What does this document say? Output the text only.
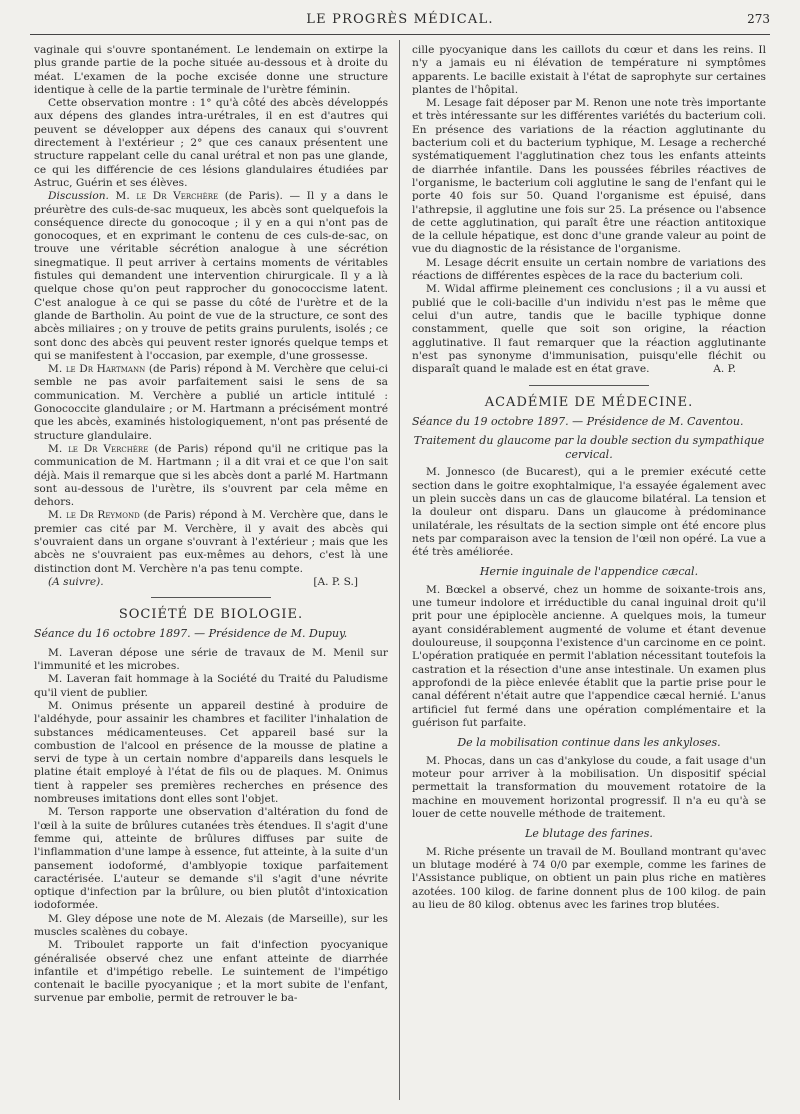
LE PROGRÈS MÉDICAL.	273

vaginale qui s'ouvre spontanément. Le lendemain on extirpe la plus grande partie de la poche située au-dessous et à droite du méat. L'examen de la poche excisée donne une structure identique à celle de la partie terminale de l'urètre féminin.

Cette observation montre : 1° qu'à côté des abcès développés aux dépens des glandes intra-urétrales, il en est d'autres qui peuvent se développer aux dépens des canaux qui s'ouvrent directement à l'extérieur ; 2° que ces canaux présentent une structure rappelant celle du canal urétral et non pas une glande, ce qui les différencie de ces lésions glandulaires étudiées par Astruc, Guérin et ses élèves.

Discussion. M. le Dr Verchère (de Paris). — Il y a dans le préurètre des culs-de-sac muqueux, les abcès sont quelquefois la conséquence directe du gonocoque ; il y en a qui n'ont pas de gonocoques, et en exprimant le contenu de ces culs-de-sac, on trouve une véritable sécrétion analogue à une sécrétion sinegmatique. Il peut arriver à certains moments de véritables fistules qui demandent une intervention chirurgicale. Il y a là quelque chose qu'on peut rapprocher du gonococcisme latent. C'est analogue à ce qui se passe du côté de l'urètre et de la glande de Bartholin. Au point de vue de la structure, ce sont des abcès miliaires ; on y trouve de petits grains purulents, isolés ; ce sont donc des abcès qui peuvent rester ignorés quelque temps et qui se manifestent à l'occasion, par exemple, d'une grossesse.

M. le Dr Hartmann (de Paris) répond à M. Verchère que celui-ci semble ne pas avoir parfaitement saisi le sens de sa communication. M. Verchère a publié un article intitulé : Gonococcite glandulaire ; or M. Hartmann a précisément montré que les abcès, examinés histologiquement, n'ont pas présenté de structure glandulaire.

M. le Dr Verchère (de Paris) répond qu'il ne critique pas la communication de M. Hartmann ; il a dit vrai et ce que l'on sait déjà. Mais il remarque que si les abcès dont a parlé M. Hartmann sont au-dessous de l'urètre, ils s'ouvrent par cela même en dehors.

M. le Dr Reymond (de Paris) répond à M. Verchère que, dans le premier cas cité par M. Verchère, il y avait des abcès qui s'ouvraient dans un organe s'ouvrant à l'extérieur ; mais que les abcès ne s'ouvraient pas eux-mêmes au dehors, c'est là une distinction dont M. Verchère n'a pas tenu compte.

(A suivre).	[A. P. S.]
SOCIÉTÉ DE BIOLOGIE.
Séance du 16 octobre 1897. — Présidence de M. Dupuy.

M. Laveran dépose une série de travaux de M. Menil sur l'immunité et les microbes.

M. Laveran fait hommage à la Société du Traité du Paludisme qu'il vient de publier.

M. Onimus présente un appareil destiné à produire de l'aldéhyde, pour assainir les chambres et faciliter l'inhalation de substances médicamenteuses. Cet appareil basé sur la combustion de l'alcool en présence de la mousse de platine a servi de type à un certain nombre d'appareils dans lesquels le platine était employé à l'état de fils ou de plaques. M. Onimus tient à rappeler ses premières recherches en présence des nombreuses imitations dont elles sont l'objet.

M. Terson rapporte une observation d'altération du fond de l'œil à la suite de brûlures cutanées très étendues. Il s'agit d'une femme qui, atteinte de brûlures diffuses par suite de l'inflammation d'une lampe à essence, fut atteinte, à la suite d'un pansement iodoformé, d'amblyopie toxique parfaitement caractérisée. L'auteur se demande s'il s'agit d'une névrite optique d'infection par la brûlure, ou bien plutôt d'intoxication iodoformée.

M. Gley dépose une note de M. Alezais (de Marseille), sur les muscles scalènes du cobaye.

M. Triboulet rapporte un fait d'infection pyocyanique généralisée observé chez une enfant atteinte de diarrhée infantile et d'impétigo rebelle. Le suintement de l'impétigo contenait le bacille pyocyanique ; et la mort subite de l'enfant, survenue par embolie, permit de retrouver le ba-

cille pyocyanique dans les caillots du cœur et dans les reins. Il n'y a jamais eu ni élévation de température ni symptômes apparents. Le bacille existait à l'état de saprophyte sur certaines plantes de l'hôpital.

M. Lesage fait déposer par M. Renon une note très importante et très intéressante sur les différentes variétés du bacterium coli. En présence des variations de la réaction agglutinante du bacterium coli et du bacterium typhique, M. Lesage a recherché systématiquement l'agglutination chez tous les enfants atteints de diarrhée infantile. Dans les poussées fébriles réactives de l'organisme, le bacterium coli agglutine le sang de l'enfant qui le porte 40 fois sur 50. Quand l'organisme est épuisé, dans l'athrepsie, il agglutine une fois sur 25. La présence ou l'absence de cette agglutination, qui paraît être une réaction antitoxique de la cellule hépatique, est donc d'une grande valeur au point de vue du diagnostic de la résistance de l'organisme.

M. Lesage décrit ensuite un certain nombre de variations des réactions de différentes espèces de la race du bacterium coli.

M. Widal affirme pleinement ces conclusions ; il a vu aussi et publié que le coli-bacille d'un individu n'est pas le même que celui d'un autre, tandis que le bacille typhique donne constamment, quelle que soit son origine, la réaction agglutinative. Il faut remarquer que la réaction agglutinante n'est pas synonyme d'immunisation, puisqu'elle fléchit ou disparaît quand le malade est en état grave.	A. P.
ACADÉMIE DE MÉDECINE.
Séance du 19 octobre 1897. — Présidence de M. Caventou.
Traitement du glaucome par la double section du sympathique cervical.

M. Jonnesco (de Bucarest), qui a le premier exécuté cette section dans le goitre exophtalmique, l'a essayée également avec un plein succès dans un cas de glaucome bilatéral. La tension et la douleur ont disparu. Dans un glaucome à prédominance unilatérale, les résultats de la section simple ont été encore plus nets par comparaison avec la tension de l'œil non opéré. La vue a été très améliorée.

Hernie inguinale de l'appendice cæcal.

M. Bœckel a observé, chez un homme de soixante-trois ans, une tumeur indolore et irréductible du canal inguinal droit qu'il prit pour une épiplocèle ancienne. A quelques mois, la tumeur ayant considérablement augmenté de volume et étant devenue douloureuse, il soupçonna l'existence d'un carcinome en ce point. L'opération pratiquée en permit l'ablation nécessitant toutefois la castration et la résection d'une anse intestinale. Un examen plus approfondi de la pièce enlevée établit que la partie prise pour le canal déférent n'était autre que l'appendice cæcal hernié. L'anus artificiel fut fermé dans une opération complémentaire et la guérison fut parfaite.

De la mobilisation continue dans les ankyloses.

M. Phocas, dans un cas d'ankylose du coude, a fait usage d'un moteur pour arriver à la mobilisation. Un dispositif spécial permettait la transformation du mouvement rotatoire de la machine en mouvement horizontal progressif. Il n'a eu qu'à se louer de cette nouvelle méthode de traitement.

Le blutage des farines.

M. Riche présente un travail de M. Boulland montrant qu'avec un blutage modéré à 74 0/0 par exemple, comme les farines de l'Assistance publique, on obtient un pain plus riche en matières azotées. 100 kilog. de farine donnent plus de 100 kilog. de pain au lieu de 80 kilog. obtenus avec les farines trop blutées.
